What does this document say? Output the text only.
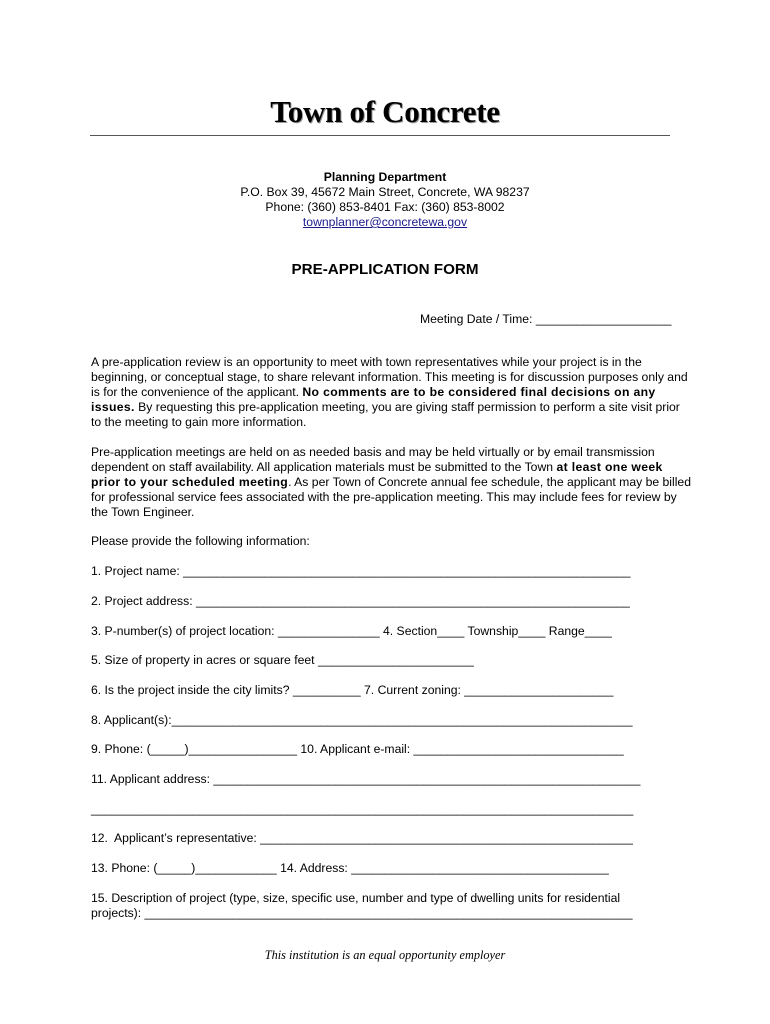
Town of Concrete
Planning Department
P.O. Box 39, 45672 Main Street, Concrete, WA 98237
Phone: (360) 853-8401 Fax: (360) 853-8002
townplanner@concretewa.gov
PRE-APPLICATION FORM
Meeting Date / Time: ____________________

A pre-application review is an opportunity to meet with town representatives while your project is in the beginning, or conceptual stage, to share relevant information. This meeting is for discussion purposes only and is for the convenience of the applicant. No comments are to be considered final decisions on any issues. By requesting this pre-application meeting, you are giving staff permission to perform a site visit prior to the meeting to gain more information.

Pre-application meetings are held on as needed basis and may be held virtually or by email transmission dependent on staff availability. All application materials must be submitted to the Town at least one week prior to your scheduled meeting. As per Town of Concrete annual fee schedule, the applicant may be billed for professional service fees associated with the pre-application meeting. This may include fees for review by the Town Engineer.

Please provide the following information:
1. Project name: __________________________________________________________________
2. Project address: ________________________________________________________________
3. P-number(s) of project location: _______________ 4. Section____ Township____ Range____
5. Size of property in acres or square feet _______________________
6. Is the project inside the city limits? __________ 7. Current zoning: ______________________
8. Applicant(s):____________________________________________________________________
9. Phone: (_____)________________ 10. Applicant e-mail: _______________________________
11. Applicant address: _______________________________________________________________
________________________________________________________________________________
12.  Applicant’s representative: _______________________________________________________
13. Phone: (_____)____________ 14. Address: ______________________________________
15. Description of project (type, size, specific use, number and type of dwelling units for residential projects): ________________________________________________________________________
This institution is an equal opportunity employer
